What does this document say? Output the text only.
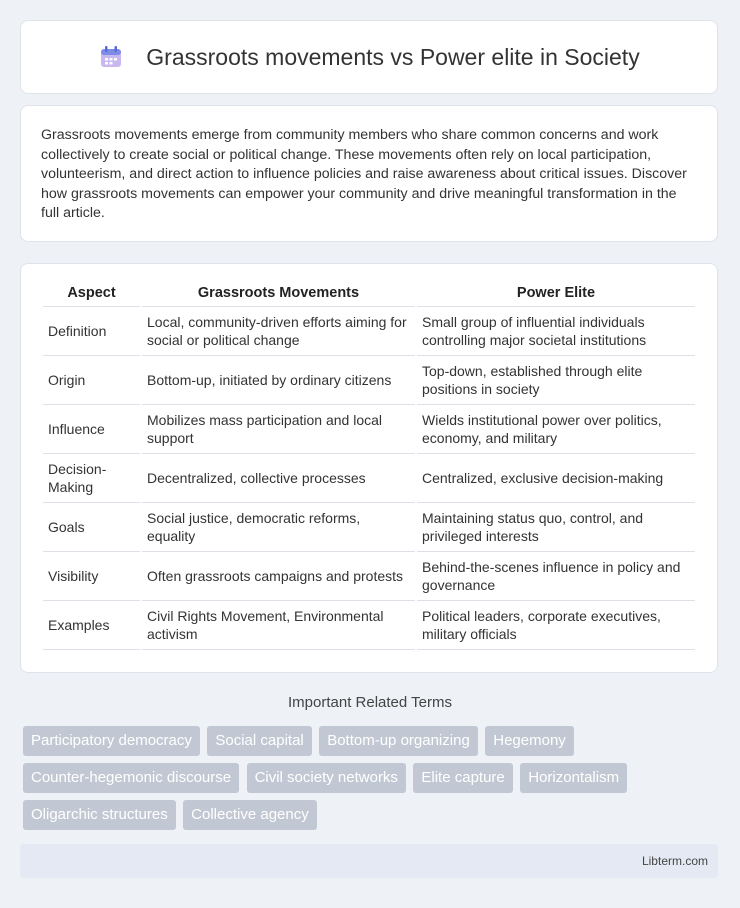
Grassroots movements vs Power elite in Society

Grassroots movements emerge from community members who share common concerns and work collectively to create social or political change. These movements often rely on local participation, volunteerism, and direct action to influence policies and raise awareness about critical issues. Discover how grassroots movements can empower your community and drive meaningful transformation in the full article.

Aspect	Grassroots Movements	Power Elite
Definition	Local, community-driven efforts aiming for social or political change	Small group of influential individuals controlling major societal institutions
Origin	Bottom-up, initiated by ordinary citizens	Top-down, established through elite positions in society
Influence	Mobilizes mass participation and local support	Wields institutional power over politics, economy, and military
Decision-Making	Decentralized, collective processes	Centralized, exclusive decision-making
Goals	Social justice, democratic reforms, equality	Maintaining status quo, control, and privileged interests
Visibility	Often grassroots campaigns and protests	Behind-the-scenes influence in policy and governance
Examples	Civil Rights Movement, Environmental activism	Political leaders, corporate executives, military officials
Important Related Terms
Participatory democracy Social capital Bottom-up organizing Hegemony Counter-hegemonic discourse Civil society networks Elite capture Horizontalism Oligarchic structures Collective agency
Libterm.com
